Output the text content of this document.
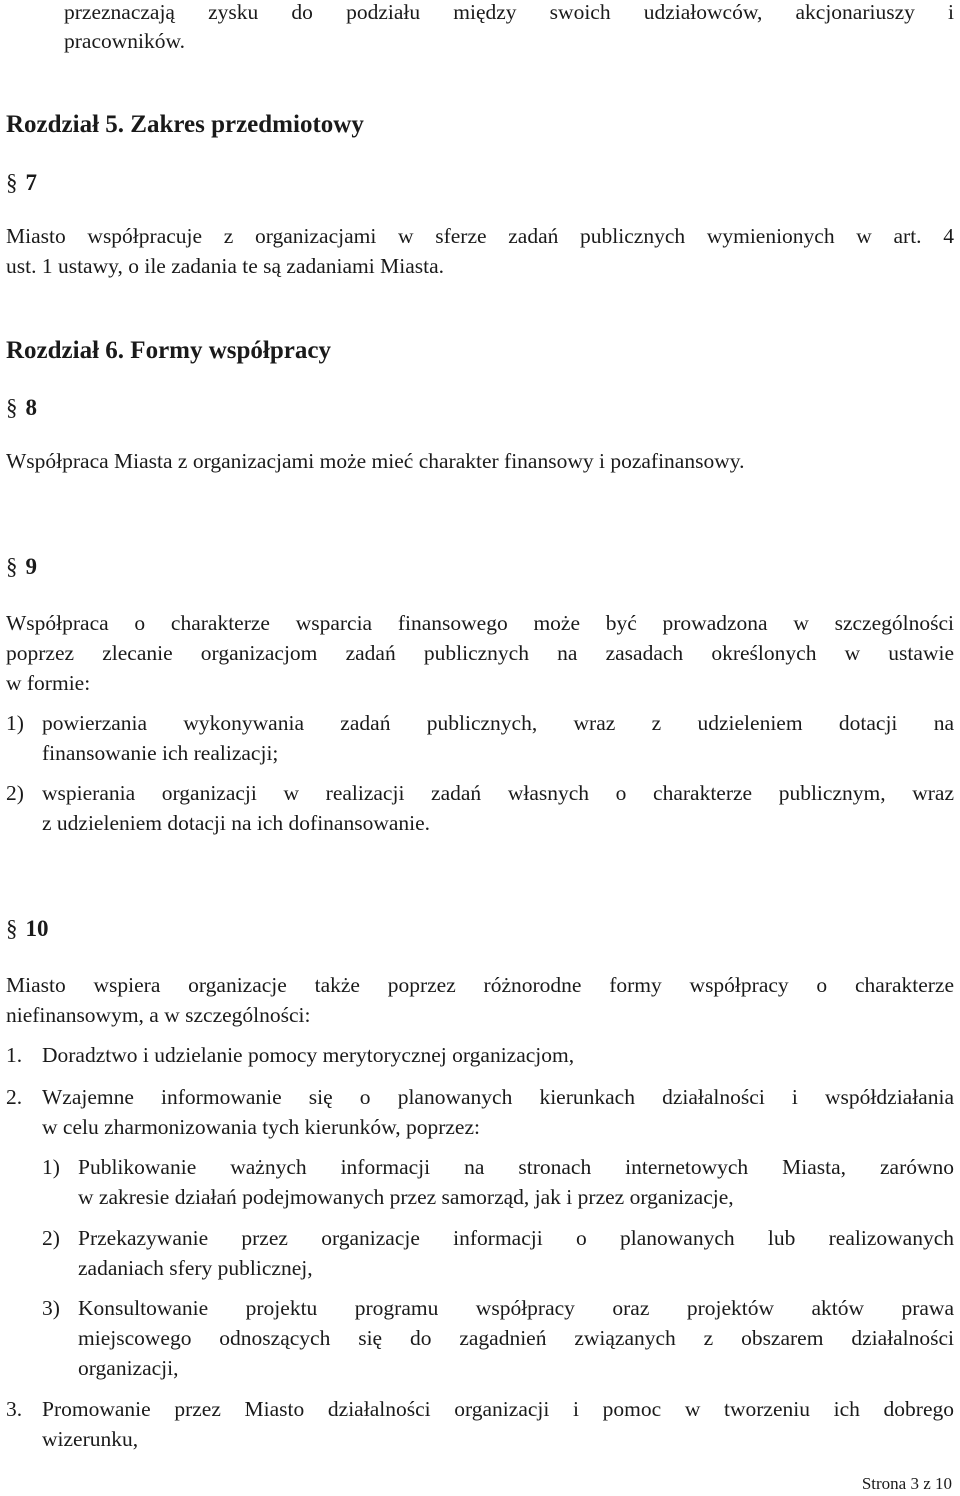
przeznaczają zysku do podziału między swoich udziałowców, akcjonariuszy i
pracowników.
Rozdział 5. Zakres przedmiotowy
§ 7
Miasto współpracuje z organizacjami w sferze zadań publicznych wymienionych w art. 4
ust. 1 ustawy, o ile zadania te są zadaniami Miasta.
Rozdział 6. Formy współpracy
§ 8
Współpraca Miasta z organizacjami może mieć charakter finansowy i pozafinansowy.
§ 9
Współpraca o charakterze wsparcia finansowego może być prowadzona w szczególności
poprzez zlecanie organizacjom zadań publicznych na zasadach określonych w ustawie
w formie:
1) powierzania wykonywania zadań publicznych, wraz z udzieleniem dotacji na
finansowanie ich realizacji;
2) wspierania organizacji w realizacji zadań własnych o charakterze publicznym, wraz
z udzieleniem dotacji na ich dofinansowanie.
§ 10
Miasto wspiera organizacje także poprzez różnorodne formy współpracy o charakterze
niefinansowym, a w szczególności:
1. Doradztwo i udzielanie pomocy merytorycznej organizacjom,
2. Wzajemne informowanie się o planowanych kierunkach działalności i współdziałania
w celu zharmonizowania tych kierunków, poprzez:
1) Publikowanie ważnych informacji na stronach internetowych Miasta, zarówno
w zakresie działań podejmowanych przez samorząd, jak i przez organizacje,
2) Przekazywanie przez organizacje informacji o planowanych lub realizowanych
zadaniach sfery publicznej,
3) Konsultowanie projektu programu współpracy oraz projektów aktów prawa
miejscowego odnoszących się do zagadnień związanych z obszarem działalności
organizacji,
3. Promowanie przez Miasto działalności organizacji i pomoc w tworzeniu ich dobrego
wizerunku,
Strona 3 z 10
